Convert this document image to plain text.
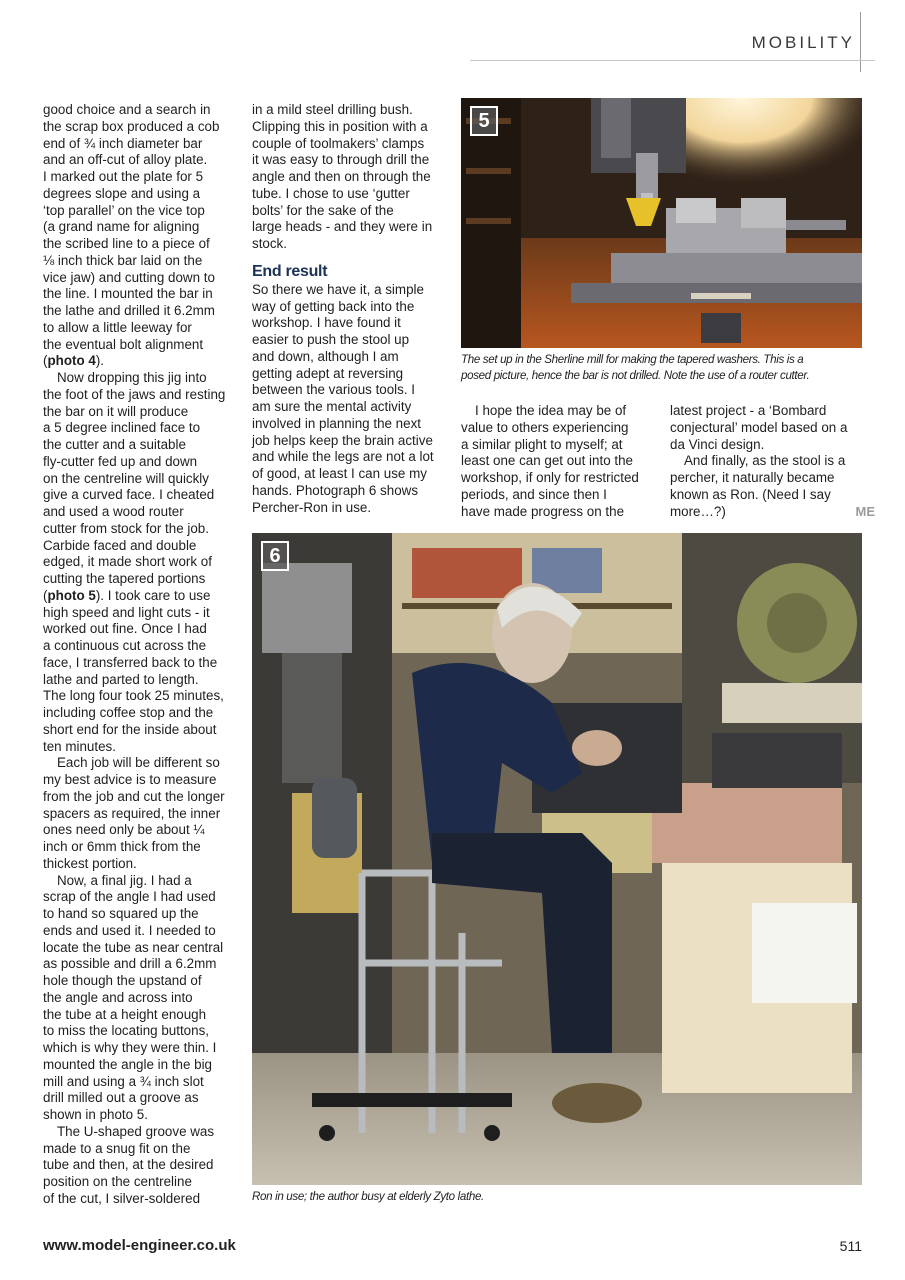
MOBILITY

good choice and a search in
the scrap box produced a cob
end of ¾ inch diameter bar
and an off-cut of alloy plate.
I marked out the plate for 5
degrees slope and using a
‘top parallel’ on the vice top
(a grand name for aligning
the scribed line to a piece of
⅛ inch thick bar laid on the
vice jaw) and cutting down to
the line. I mounted the bar in
the lathe and drilled it 6.2mm
to allow a little leeway for
the eventual bolt alignment
(photo 4).

Now dropping this jig into
the foot of the jaws and resting
the bar on it will produce
a 5 degree inclined face to
the cutter and a suitable
fly-cutter fed up and down
on the centreline will quickly
give a curved face. I cheated
and used a wood router
cutter from stock for the job.
Carbide faced and double
edged, it made short work of
cutting the tapered portions
(photo 5). I took care to use
high speed and light cuts - it
worked out fine. Once I had
a continuous cut across the
face, I transferred back to the
lathe and parted to length.
The long four took 25 minutes,
including coffee stop and the
short end for the inside about
ten minutes.

Each job will be different so
my best advice is to measure
from the job and cut the longer
spacers as required, the inner
ones need only be about ¼
inch or 6mm thick from the
thickest portion.

Now, a final jig. I had a
scrap of the angle I had used
to hand so squared up the
ends and used it. I needed to
locate the tube as near central
as possible and drill a 6.2mm
hole though the upstand of
the angle and across into
the tube at a height enough
to miss the locating buttons,
which is why they were thin. I
mounted the angle in the big
mill and using a ¾ inch slot
drill milled out a groove as
shown in photo 5.

The U-shaped groove was
made to a snug fit on the
tube and then, at the desired
position on the centreline
of the cut, I silver-soldered

in a mild steel drilling bush.
Clipping this in position with a
couple of toolmakers’ clamps
it was easy to through drill the
angle and then on through the
tube. I chose to use ‘gutter
bolts’ for the sake of the
large heads - and they were in
stock.

End result

So there we have it, a simple
way of getting back into the
workshop. I have found it
easier to push the stool up
and down, although I am
getting adept at reversing
between the various tools. I
am sure the mental activity
involved in planning the next
job helps keep the brain active
and while the legs are not a lot
of good, at least I can use my
hands. Photograph 6 shows
Percher-Ron in use.

5
The set up in the Sherline mill for making the tapered washers. This is a
posed picture, hence the bar is not drilled. Note the use of a router cutter.

I hope the idea may be of
value to others experiencing
a similar plight to myself; at
least one can get out into the
workshop, if only for restricted
periods, and since then I
have made progress on the

latest project - a ‘Bombard
conjectural’ model based on a
da Vinci design.

And finally, as the stool is a
percher, it naturally became
known as Ron. (Need I say
more…?)	ME

6
Ron in use; the author busy at elderly Zyto lathe.
www.model-engineer.co.uk	511
